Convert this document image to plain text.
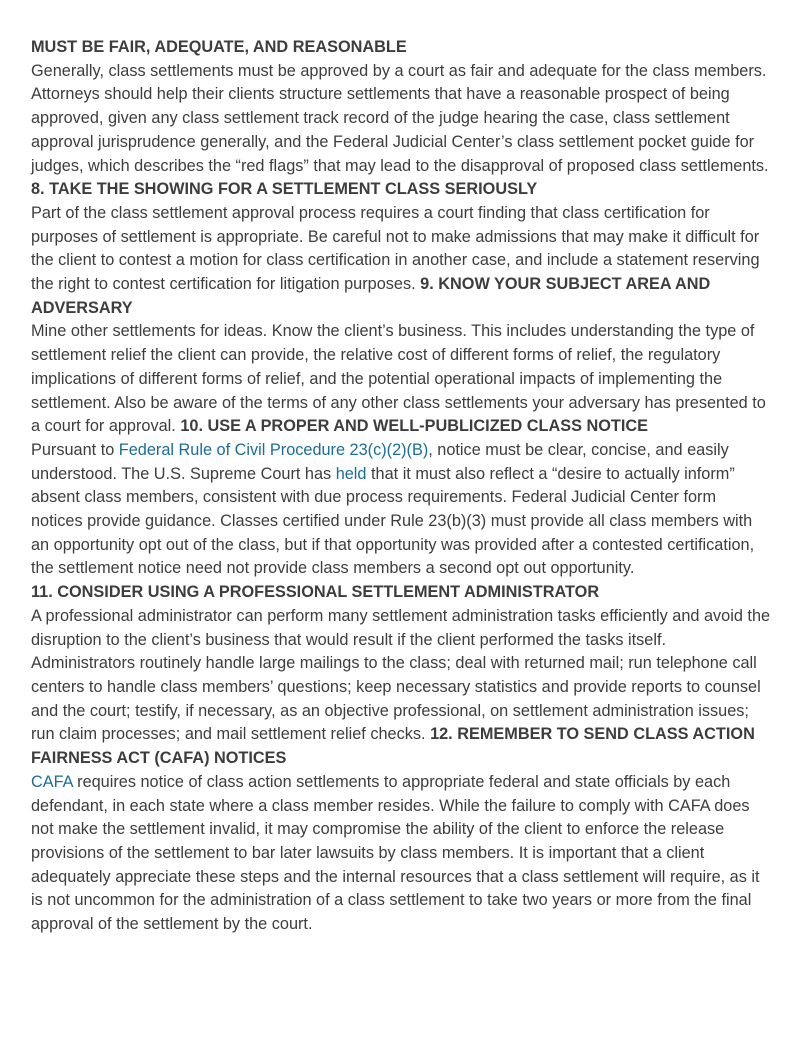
MUST BE FAIR, ADEQUATE, AND REASONABLE
Generally, class settlements must be approved by a court as fair and adequate for the class members. Attorneys should help their clients structure settlements that have a reasonable prospect of being approved, given any class settlement track record of the judge hearing the case, class settlement approval jurisprudence generally, and the Federal Judicial Center’s class settlement pocket guide for judges, which describes the “red flags” that may lead to the disapproval of proposed class settlements. 8. TAKE THE SHOWING FOR A SETTLEMENT CLASS SERIOUSLY
Part of the class settlement approval process requires a court finding that class certification for purposes of settlement is appropriate. Be careful not to make admissions that may make it difficult for the client to contest a motion for class certification in another case, and include a statement reserving the right to contest certification for litigation purposes. 9. KNOW YOUR SUBJECT AREA AND ADVERSARY
Mine other settlements for ideas. Know the client’s business. This includes understanding the type of settlement relief the client can provide, the relative cost of different forms of relief, the regulatory implications of different forms of relief, and the potential operational impacts of implementing the settlement. Also be aware of the terms of any other class settlements your adversary has presented to a court for approval. 10. USE A PROPER AND WELL-PUBLICIZED CLASS NOTICE
Pursuant to Federal Rule of Civil Procedure 23(c)(2)(B), notice must be clear, concise, and easily understood. The U.S. Supreme Court has held that it must also reflect a “desire to actually inform” absent class members, consistent with due process requirements. Federal Judicial Center form notices provide guidance. Classes certified under Rule 23(b)(3) must provide all class members with an opportunity opt out of the class, but if that opportunity was provided after a contested certification, the settlement notice need not provide class members a second opt out opportunity.
11. CONSIDER USING A PROFESSIONAL SETTLEMENT ADMINISTRATOR
A professional administrator can perform many settlement administration tasks efficiently and avoid the disruption to the client’s business that would result if the client performed the tasks itself. Administrators routinely handle large mailings to the class; deal with returned mail; run telephone call centers to handle class members’ questions; keep necessary statistics and provide reports to counsel and the court; testify, if necessary, as an objective professional, on settlement administration issues; run claim processes; and mail settlement relief checks. 12. REMEMBER TO SEND CLASS ACTION FAIRNESS ACT (CAFA) NOTICES
CAFA requires notice of class action settlements to appropriate federal and state officials by each defendant, in each state where a class member resides. While the failure to comply with CAFA does not make the settlement invalid, it may compromise the ability of the client to enforce the release provisions of the settlement to bar later lawsuits by class members. It is important that a client adequately appreciate these steps and the internal resources that a class settlement will require, as it is not uncommon for the administration of a class settlement to take two years or more from the final approval of the settlement by the court.
